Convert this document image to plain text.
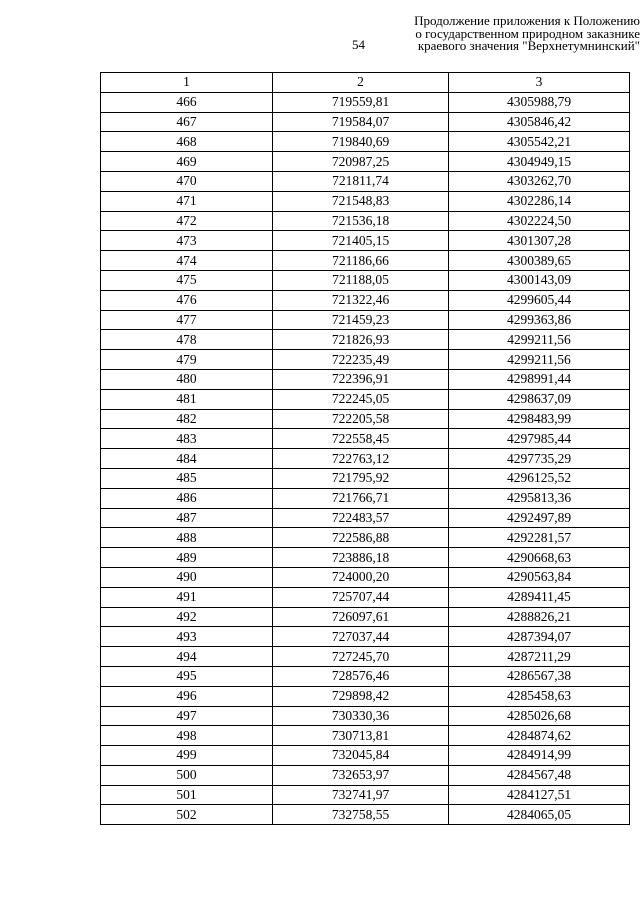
54
Продолжение приложения к Положению
о государственном природном заказнике
краевого значения "Верхнетумнинский"
1	2	3
466	719559,81	4305988,79
467	719584,07	4305846,42
468	719840,69	4305542,21
469	720987,25	4304949,15
470	721811,74	4303262,70
471	721548,83	4302286,14
472	721536,18	4302224,50
473	721405,15	4301307,28
474	721186,66	4300389,65
475	721188,05	4300143,09
476	721322,46	4299605,44
477	721459,23	4299363,86
478	721826,93	4299211,56
479	722235,49	4299211,56
480	722396,91	4298991,44
481	722245,05	4298637,09
482	722205,58	4298483,99
483	722558,45	4297985,44
484	722763,12	4297735,29
485	721795,92	4296125,52
486	721766,71	4295813,36
487	722483,57	4292497,89
488	722586,88	4292281,57
489	723886,18	4290668,63
490	724000,20	4290563,84
491	725707,44	4289411,45
492	726097,61	4288826,21
493	727037,44	4287394,07
494	727245,70	4287211,29
495	728576,46	4286567,38
496	729898,42	4285458,63
497	730330,36	4285026,68
498	730713,81	4284874,62
499	732045,84	4284914,99
500	732653,97	4284567,48
501	732741,97	4284127,51
502	732758,55	4284065,05
